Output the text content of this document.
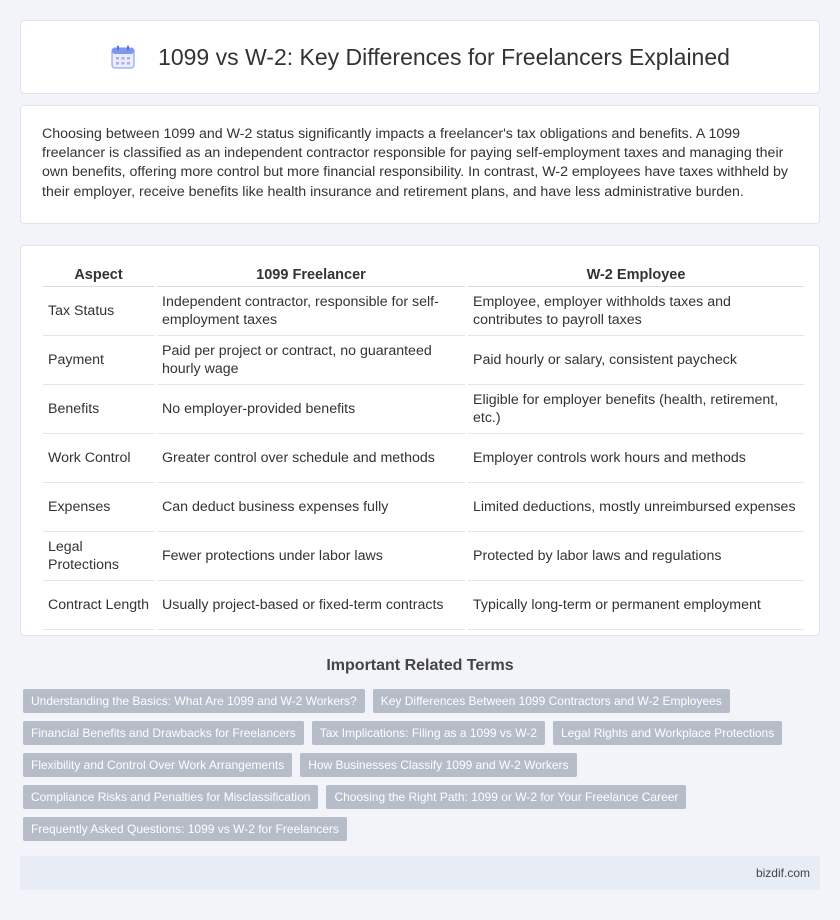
1099 vs W-2: Key Differences for Freelancers Explained

Choosing between 1099 and W-2 status significantly impacts a freelancer's tax obligations and benefits. A 1099 freelancer is classified as an independent contractor responsible for paying self-employment taxes and managing their own benefits, offering more control but more financial responsibility. In contrast, W-2 employees have taxes withheld by their employer, receive benefits like health insurance and retirement plans, and have less administrative burden.

Aspect	1099 Freelancer	W-2 Employee
Tax Status	Independent contractor, responsible for self-employment taxes	Employee, employer withholds taxes and contributes to payroll taxes
Payment	Paid per project or contract, no guaranteed hourly wage	Paid hourly or salary, consistent paycheck
Benefits	No employer-provided benefits	Eligible for employer benefits (health, retirement, etc.)
Work Control	Greater control over schedule and methods	Employer controls work hours and methods
Expenses	Can deduct business expenses fully	Limited deductions, mostly unreimbursed expenses
Legal Protections	Fewer protections under labor laws	Protected by labor laws and regulations
Contract Length	Usually project-based or fixed-term contracts	Typically long-term or permanent employment
Important Related Terms
Understanding the Basics: What Are 1099 and W-2 Workers?	Key Differences Between 1099 Contractors and W-2 Employees
Financial Benefits and Drawbacks for Freelancers	Tax Implications: Filing as a 1099 vs W-2	Legal Rights and Workplace Protections
Flexibility and Control Over Work Arrangements	How Businesses Classify 1099 and W-2 Workers
Compliance Risks and Penalties for Misclassification	Choosing the Right Path: 1099 or W-2 for Your Freelance Career
Frequently Asked Questions: 1099 vs W-2 for Freelancers
bizdif.com
